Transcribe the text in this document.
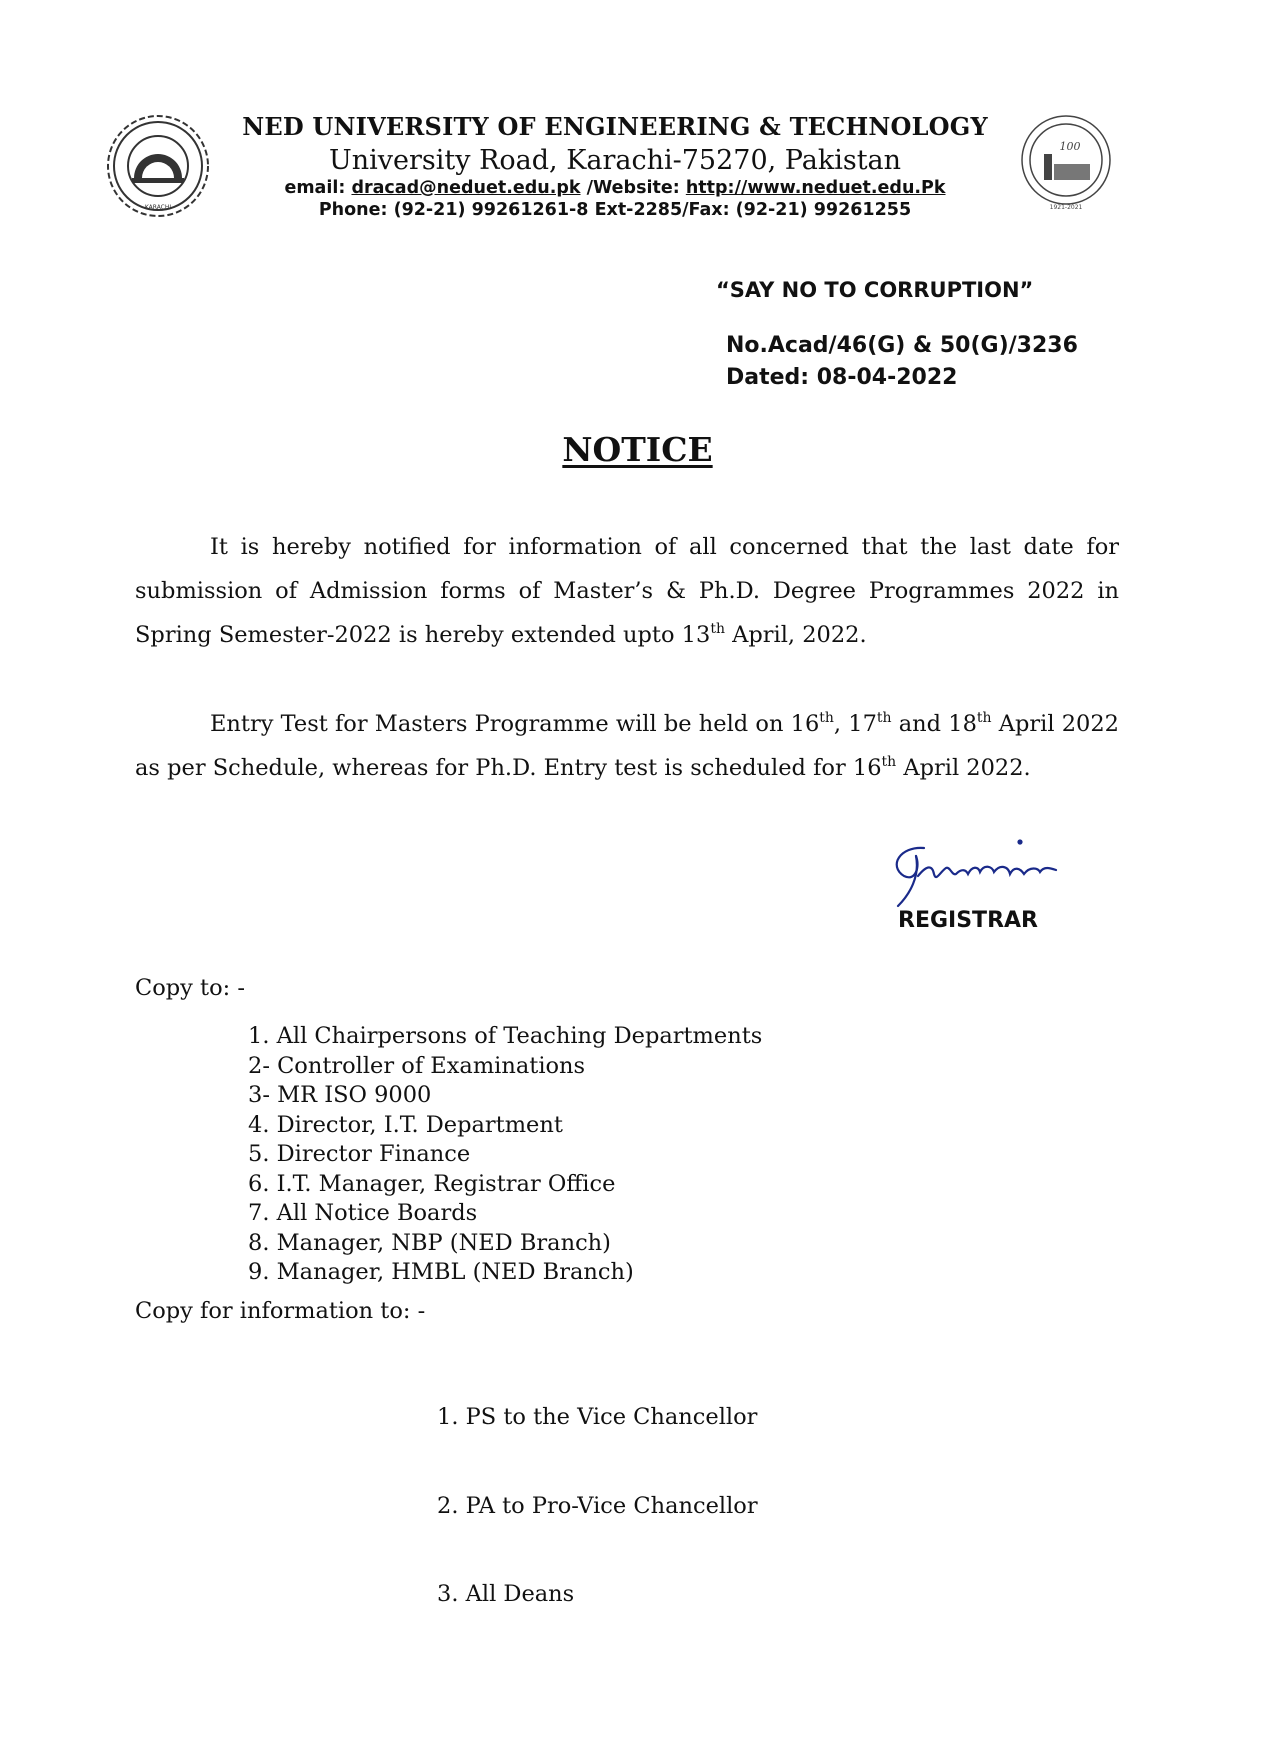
KARACHI
NED UNIVERSITY OF ENGINEERING & TECHNOLOGY
University Road, Karachi-75270, Pakistan
email: dracad@neduet.edu.pk /Website: http://www.neduet.edu.Pk
Phone: (92-21) 99261261-8 Ext-2285/Fax: (92-21) 99261255
100
1921-2021
“SAY NO TO CORRUPTION”
No.Acad/46(G) & 50(G)/3236
Dated: 08-04-2022
NOTICE
It is hereby notified for information of all concerned that the last date for submission of Admission forms of Master’s & Ph.D. Degree Programmes 2022 in Spring Semester-2022 is hereby extended upto 13th April, 2022.
Entry Test for Masters Programme will be held on 16th, 17th and 18th April 2022 as per Schedule, whereas for Ph.D. Entry test is scheduled for 16th April 2022.
REGISTRAR
Copy to: -
1. All Chairpersons of Teaching Departments
2- Controller of Examinations
3- MR ISO 9000
4. Director, I.T. Department
5. Director Finance
6. I.T. Manager, Registrar Office
7. All Notice Boards
8. Manager, NBP (NED Branch)
9. Manager, HMBL (NED Branch)
Copy for information to: -

1. PS to the Vice Chancellor

2. PA to Pro-Vice Chancellor

3. All Deans
